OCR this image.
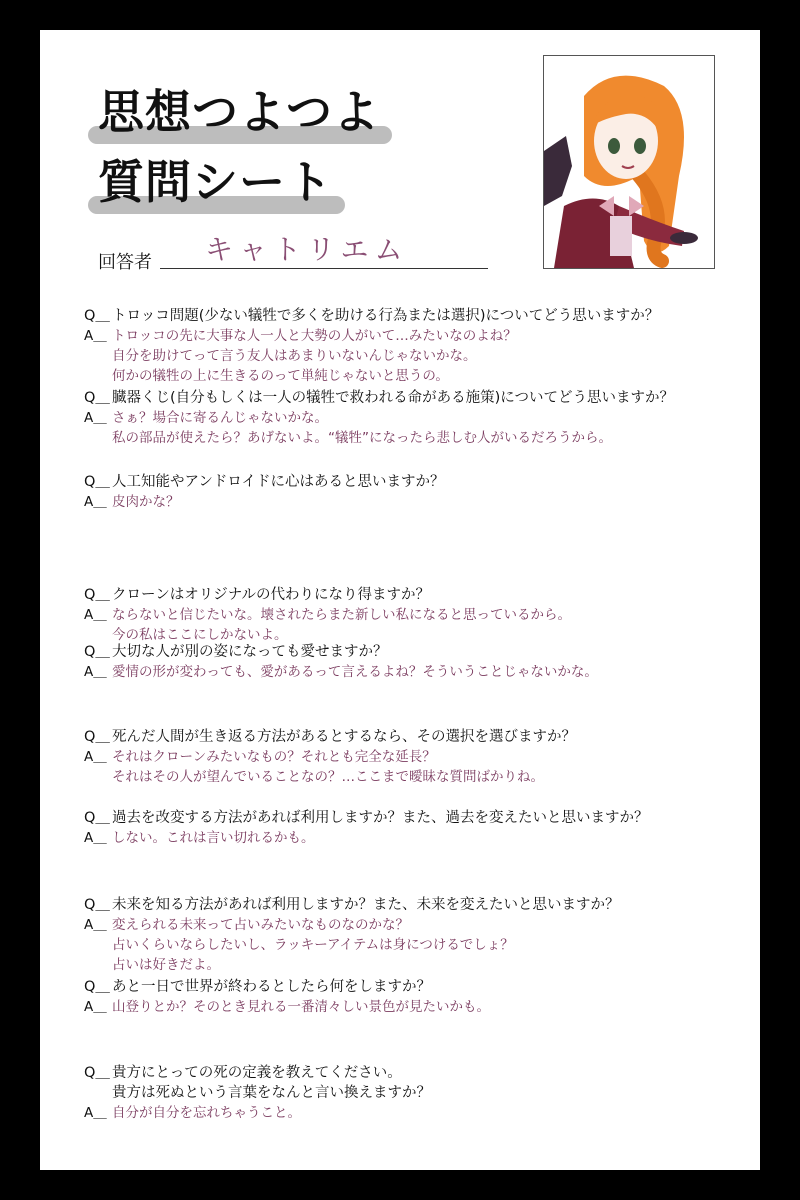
思想つよつよ
質問シート
回答者 キャトリエム
Q＿ トロッコ問題(少ない犠牲で多くを助ける行為または選択)についてどう思いますか？
A＿ トロッコの先に大事な人一人と大勢の人がいて…みたいなのよね？
自分を助けてって言う友人はあまりいないんじゃないかな。
何かの犠牲の上に生きるのって単純じゃないと思うの。
Q＿ 臓器くじ(自分もしくは一人の犠牲で救われる命がある施策)についてどう思いますか？
A＿ さぁ？場合に寄るんじゃないかな。
私の部品が使えたら？あげないよ。“犠牲”になったら悲しむ人がいるだろうから。
Q＿ 人工知能やアンドロイドに心はあると思いますか？
A＿ 皮肉かな？
Q＿ クローンはオリジナルの代わりになり得ますか？
A＿ ならないと信じたいな。壊されたらまた新しい私になると思っているから。
今の私はここにしかないよ。
Q＿ 大切な人が別の姿になっても愛せますか？
A＿ 愛情の形が変わっても、愛があるって言えるよね？そういうことじゃないかな。
Q＿ 死んだ人間が生き返る方法があるとするなら、その選択を選びますか？
A＿ それはクローンみたいなもの？それとも完全な延長？
それはその人が望んでいることなの？…ここまで曖昧な質問ばかりね。
Q＿ 過去を改変する方法があれば利用しますか？また、過去を変えたいと思いますか？
A＿ しない。これは言い切れるかも。
Q＿ 未来を知る方法があれば利用しますか？また、未来を変えたいと思いますか？
A＿ 変えられる未来って占いみたいなものなのかな？
占いくらいならしたいし、ラッキーアイテムは身につけるでしょ？
占いは好きだよ。
Q＿ あと一日で世界が終わるとしたら何をしますか？
A＿ 山登りとか？そのとき見れる一番清々しい景色が見たいかも。
Q＿ 貴方にとっての死の定義を教えてください。
貴方は死ぬという言葉をなんと言い換えますか？
A＿ 自分が自分を忘れちゃうこと。
